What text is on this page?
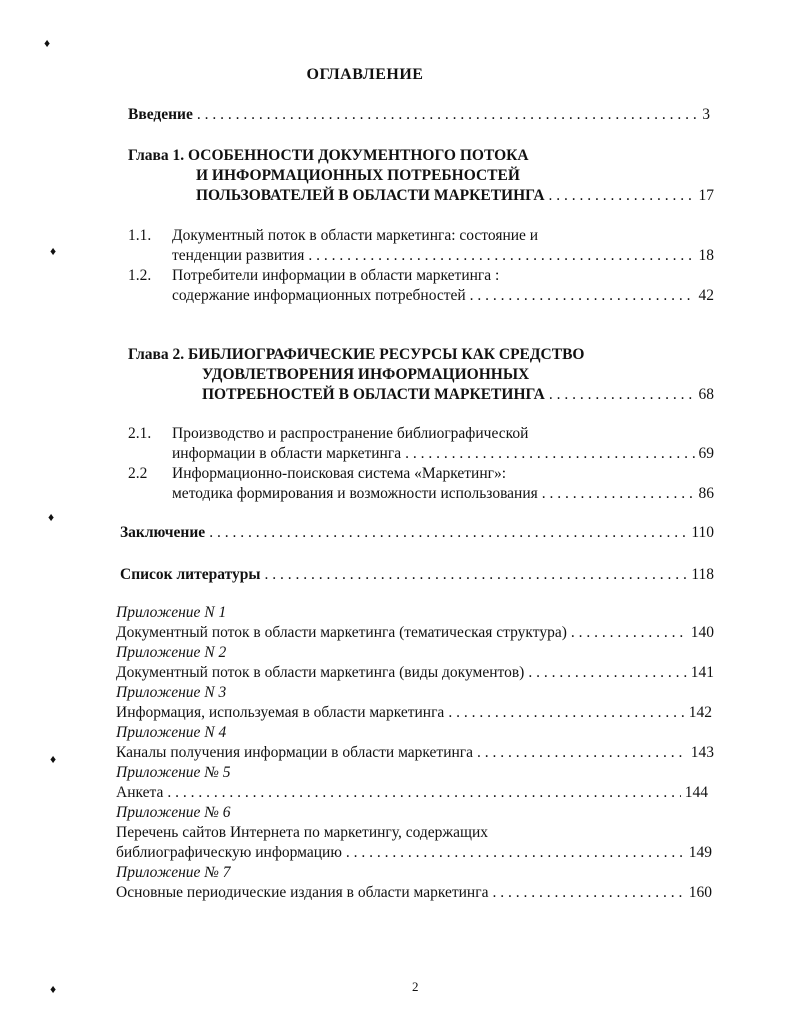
ОГЛАВЛЕНИЕ
Введение . . .	3
Глава 1. ОСОБЕННОСТИ ДОКУМЕНТНОГО ПОТОКА
И ИНФОРМАЦИОННЫХ ПОТРЕБНОСТЕЙ
ПОЛЬЗОВАТЕЛЕЙ В ОБЛАСТИ МАРКЕТИНГА . . .	17
1.1. Документный поток в области маркетинга: состояние и
тенденции развития . . .	18
1.2. Потребители информации в области маркетинга :
содержание информационных потребностей . . .	42
Глава 2. БИБЛИОГРАФИЧЕСКИЕ РЕСУРСЫ КАК СРЕДСТВО
УДОВЛЕТВОРЕНИЯ ИНФОРМАЦИОННЫХ
ПОТРЕБНОСТЕЙ В ОБЛАСТИ МАРКЕТИНГА . . .	68
2.1. Производство и распространение библиографической
информации в области маркетинга . . .	69
2.2 Информационно-поисковая система «Маркетинг»:
методика формирования и возможности использования . . .	86
Заключение . . .	110
Список литературы . . .	118
Приложение N 1
Документный поток в области маркетинга (тематическая структура) . . .	140
Приложение N 2
Документный поток в области маркетинга (виды документов) . . .	141
Приложение N 3
Информация, используемая в области маркетинга . . .	142
Приложение N 4
Каналы получения информации в области маркетинга . . .	143
Приложение № 5
Анкета . . .	144
Приложение № 6
Перечень сайтов Интернета по маркетингу, содержащих
библиографическую информацию . . .	149
Приложение № 7
Основные периодические издания в области маркетинга . . .	160
♦
♦
♦
♦
♦	2
